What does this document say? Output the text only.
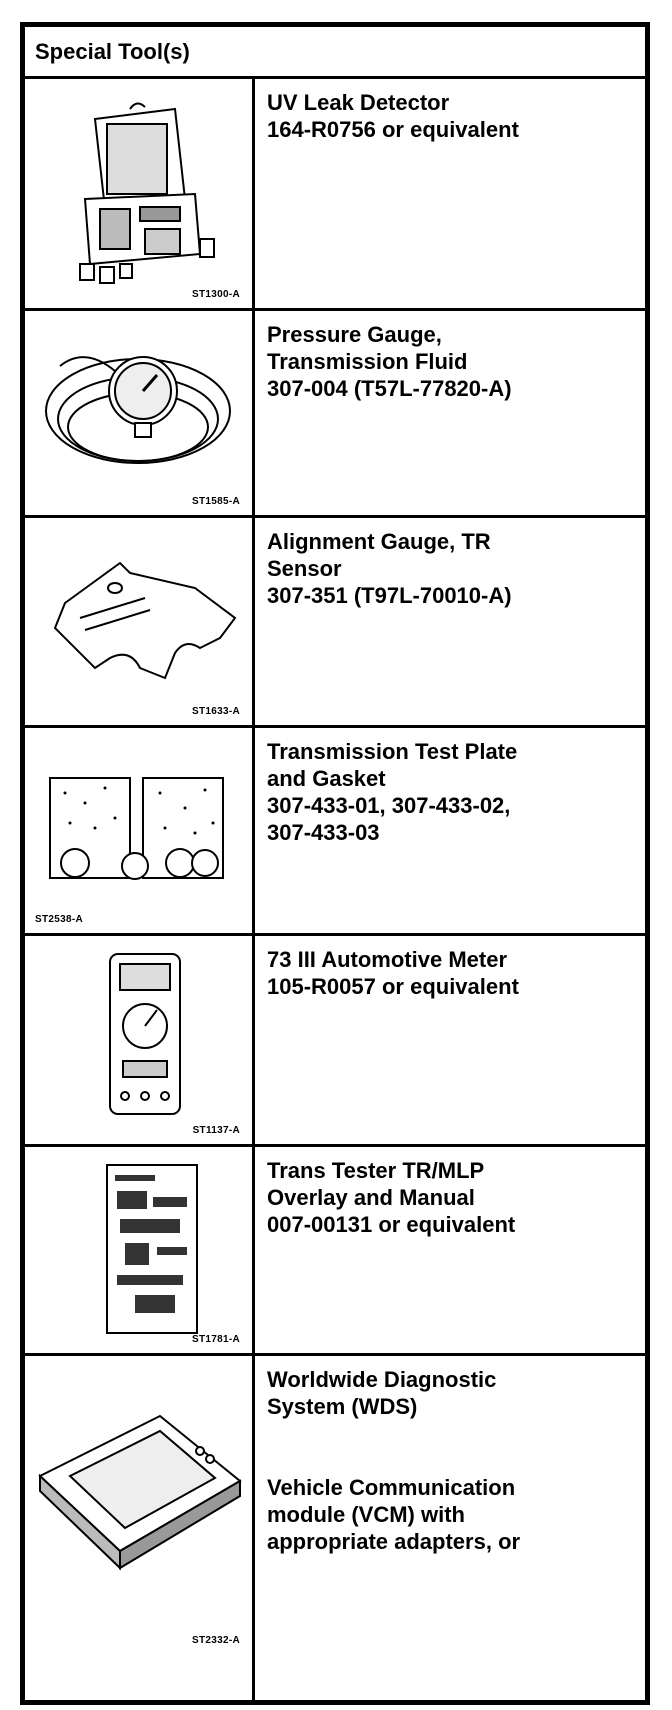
Special Tool(s)
ST1300-A
UV Leak Detector
164-R0756 or equivalent
ST1585-A
Pressure Gauge,
Transmission Fluid
307-004 (T57L-77820-A)
ST1633-A
Alignment Gauge, TR
Sensor
307-351 (T97L-70010-A)
ST2538-A
Transmission Test Plate
and Gasket
307-433-01, 307-433-02,
307-433-03
ST1137-A
73 III Automotive Meter
105-R0057 or equivalent
ST1781-A
Trans Tester TR/MLP
Overlay and Manual
007-00131 or equivalent
ST2332-A
Worldwide Diagnostic
System (WDS)
Vehicle Communication
module (VCM) with
appropriate adapters, or
